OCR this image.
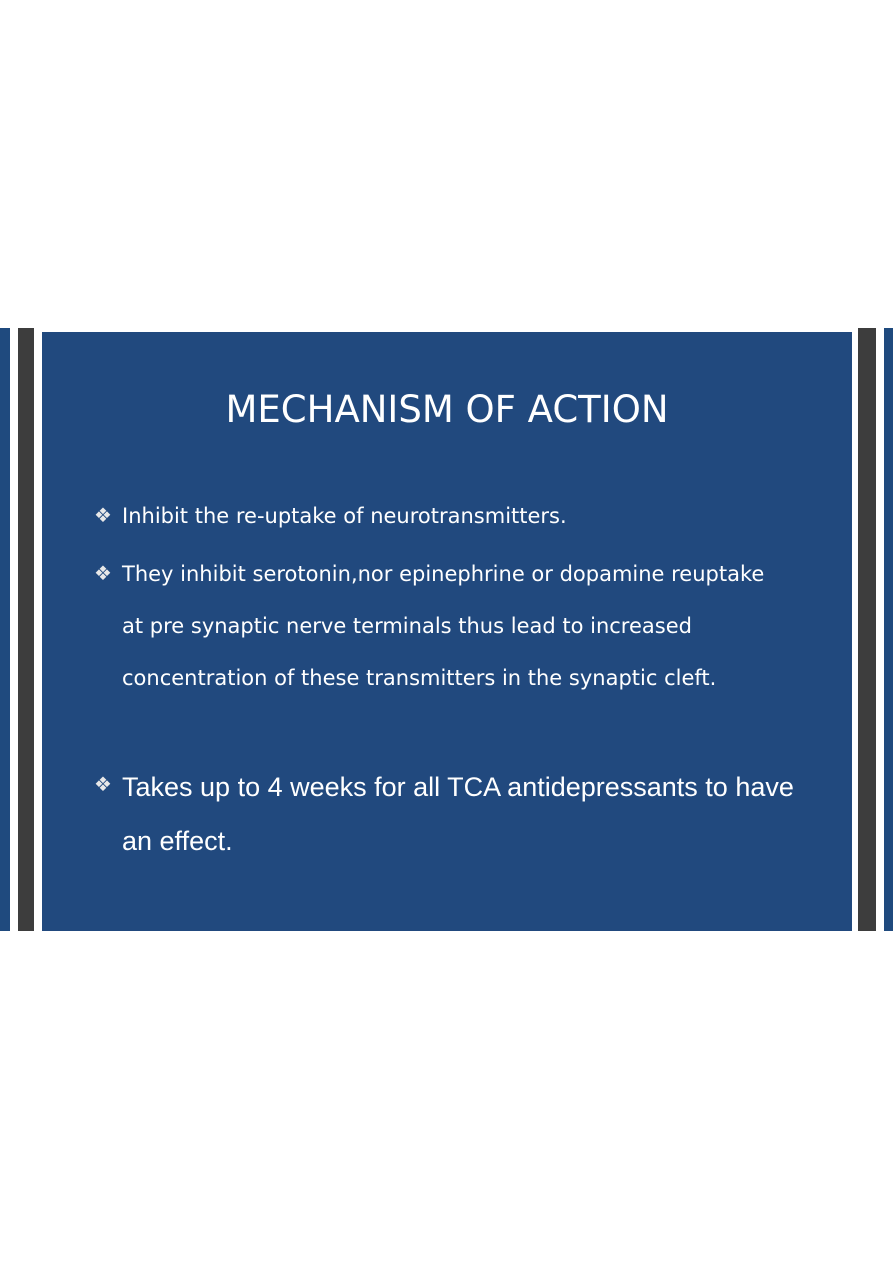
MECHANISM OF ACTION
❖ Inhibit the re-uptake of neurotransmitters.
❖ They inhibit serotonin,nor epinephrine or dopamine reuptake at pre synaptic nerve terminals thus lead to increased concentration of these transmitters in the synaptic cleft.
❖ Takes up to 4 weeks for all TCA antidepressants to have an effect.
